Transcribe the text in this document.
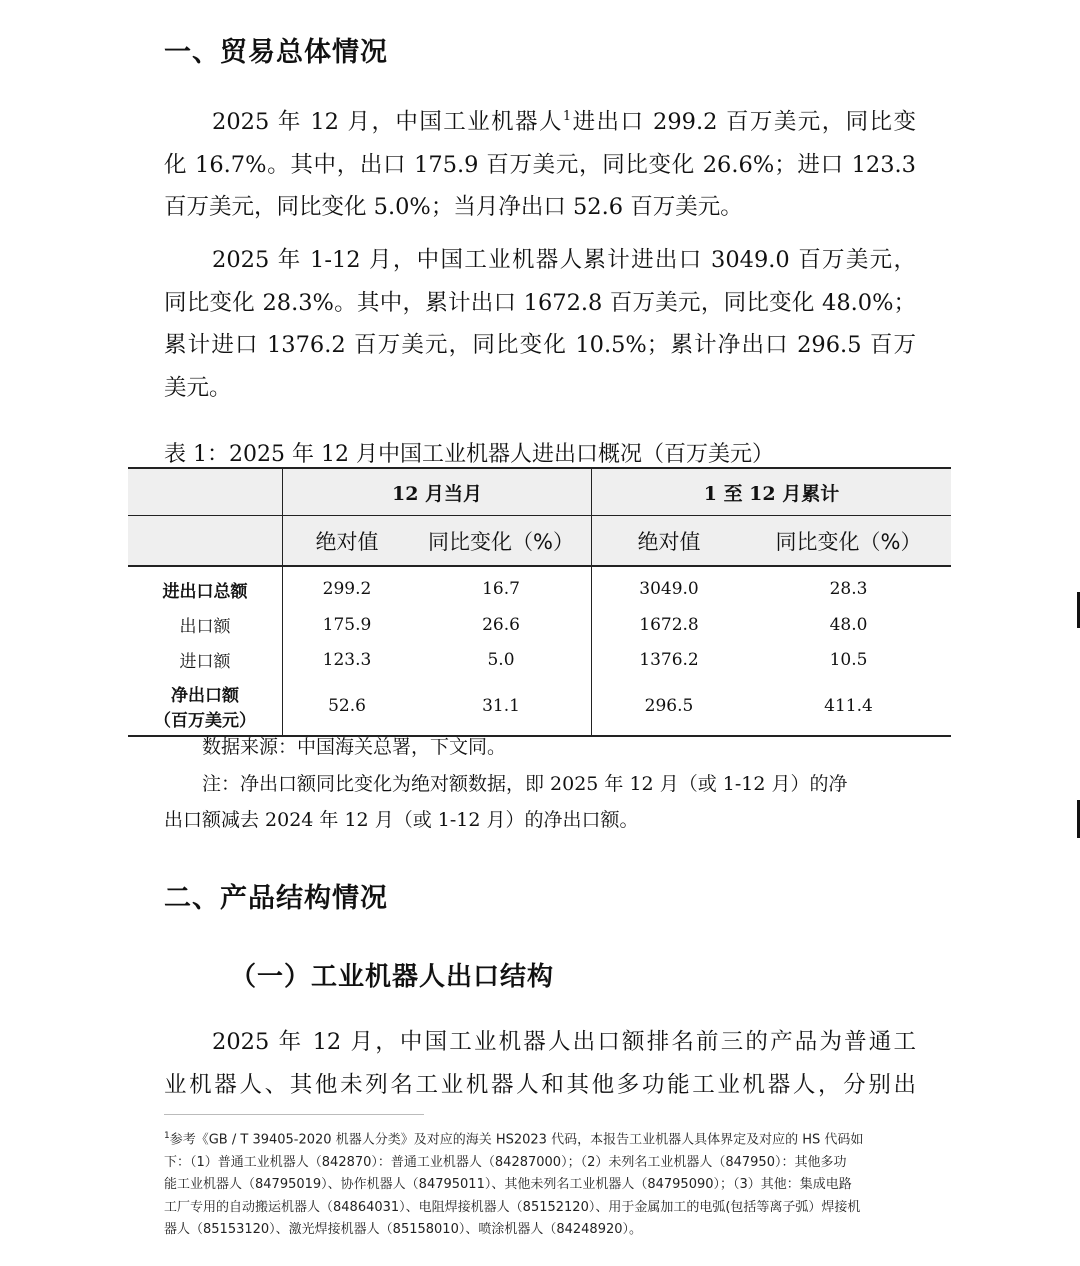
一、贸易总体情况
2025 年 12 月，中国工业机器人$^1$进出口 299.2 百万美元，同比变
化 16.7%。其中，出口 175.9 百万美元，同比变化 26.6%；进口 123.3
百万美元，同比变化 5.0%；当月净出口 52.6 百万美元。
2025 年 1-12 月，中国工业机器人累计进出口 3049.0 百万美元，
同比变化 28.3%。其中，累计出口 1672.8 百万美元，同比变化 48.0%；
累计进口 1376.2 百万美元，同比变化 10.5%；累计净出口 296.5 百万
美元。
表 1：2025 年 12 月中国工业机器人进出口概况（百万美元）
	12 月当月		1 至 12 月累计	
	绝对值	同比变化（%）	绝对值	同比变化（%）
进出口总额	299.2	16.7	3049.0	28.3
出口额	175.9	26.6	1672.8	48.0
进口额	123.3	5.0	1376.2	10.5

净出口额
（百万美元）	52.6	31.1	296.5	411.4
数据来源：中国海关总署，下文同。
注：净出口额同比变化为绝对额数据，即 2025 年 12 月（或 1-12 月）的净
出口额减去 2024 年 12 月（或 1-12 月）的净出口额。
二、产品结构情况
（一）工业机器人出口结构
2025 年 12 月，中国工业机器人出口额排名前三的产品为普通工
业机器人、其他未列名工业机器人和其他多功能工业机器人，分别出
$^1$参考《GB / T 39405-2020 机器人分类》及对应的海关 HS2023 代码，本报告工业机器人具体界定及对应的 HS 代码如
下：（1）普通工业机器人（842870）：普通工业机器人（84287000）；（2）未列名工业机器人（847950）：其他多功
能工业机器人（84795019）、协作机器人（84795011）、其他未列名工业机器人（84795090）；（3）其他：集成电路
工厂专用的自动搬运机器人（84864031）、电阻焊接机器人（85152120）、用于金属加工的电弧(包括等离子弧）焊接机
器人（85153120）、激光焊接机器人（85158010）、喷涂机器人（84248920）。
